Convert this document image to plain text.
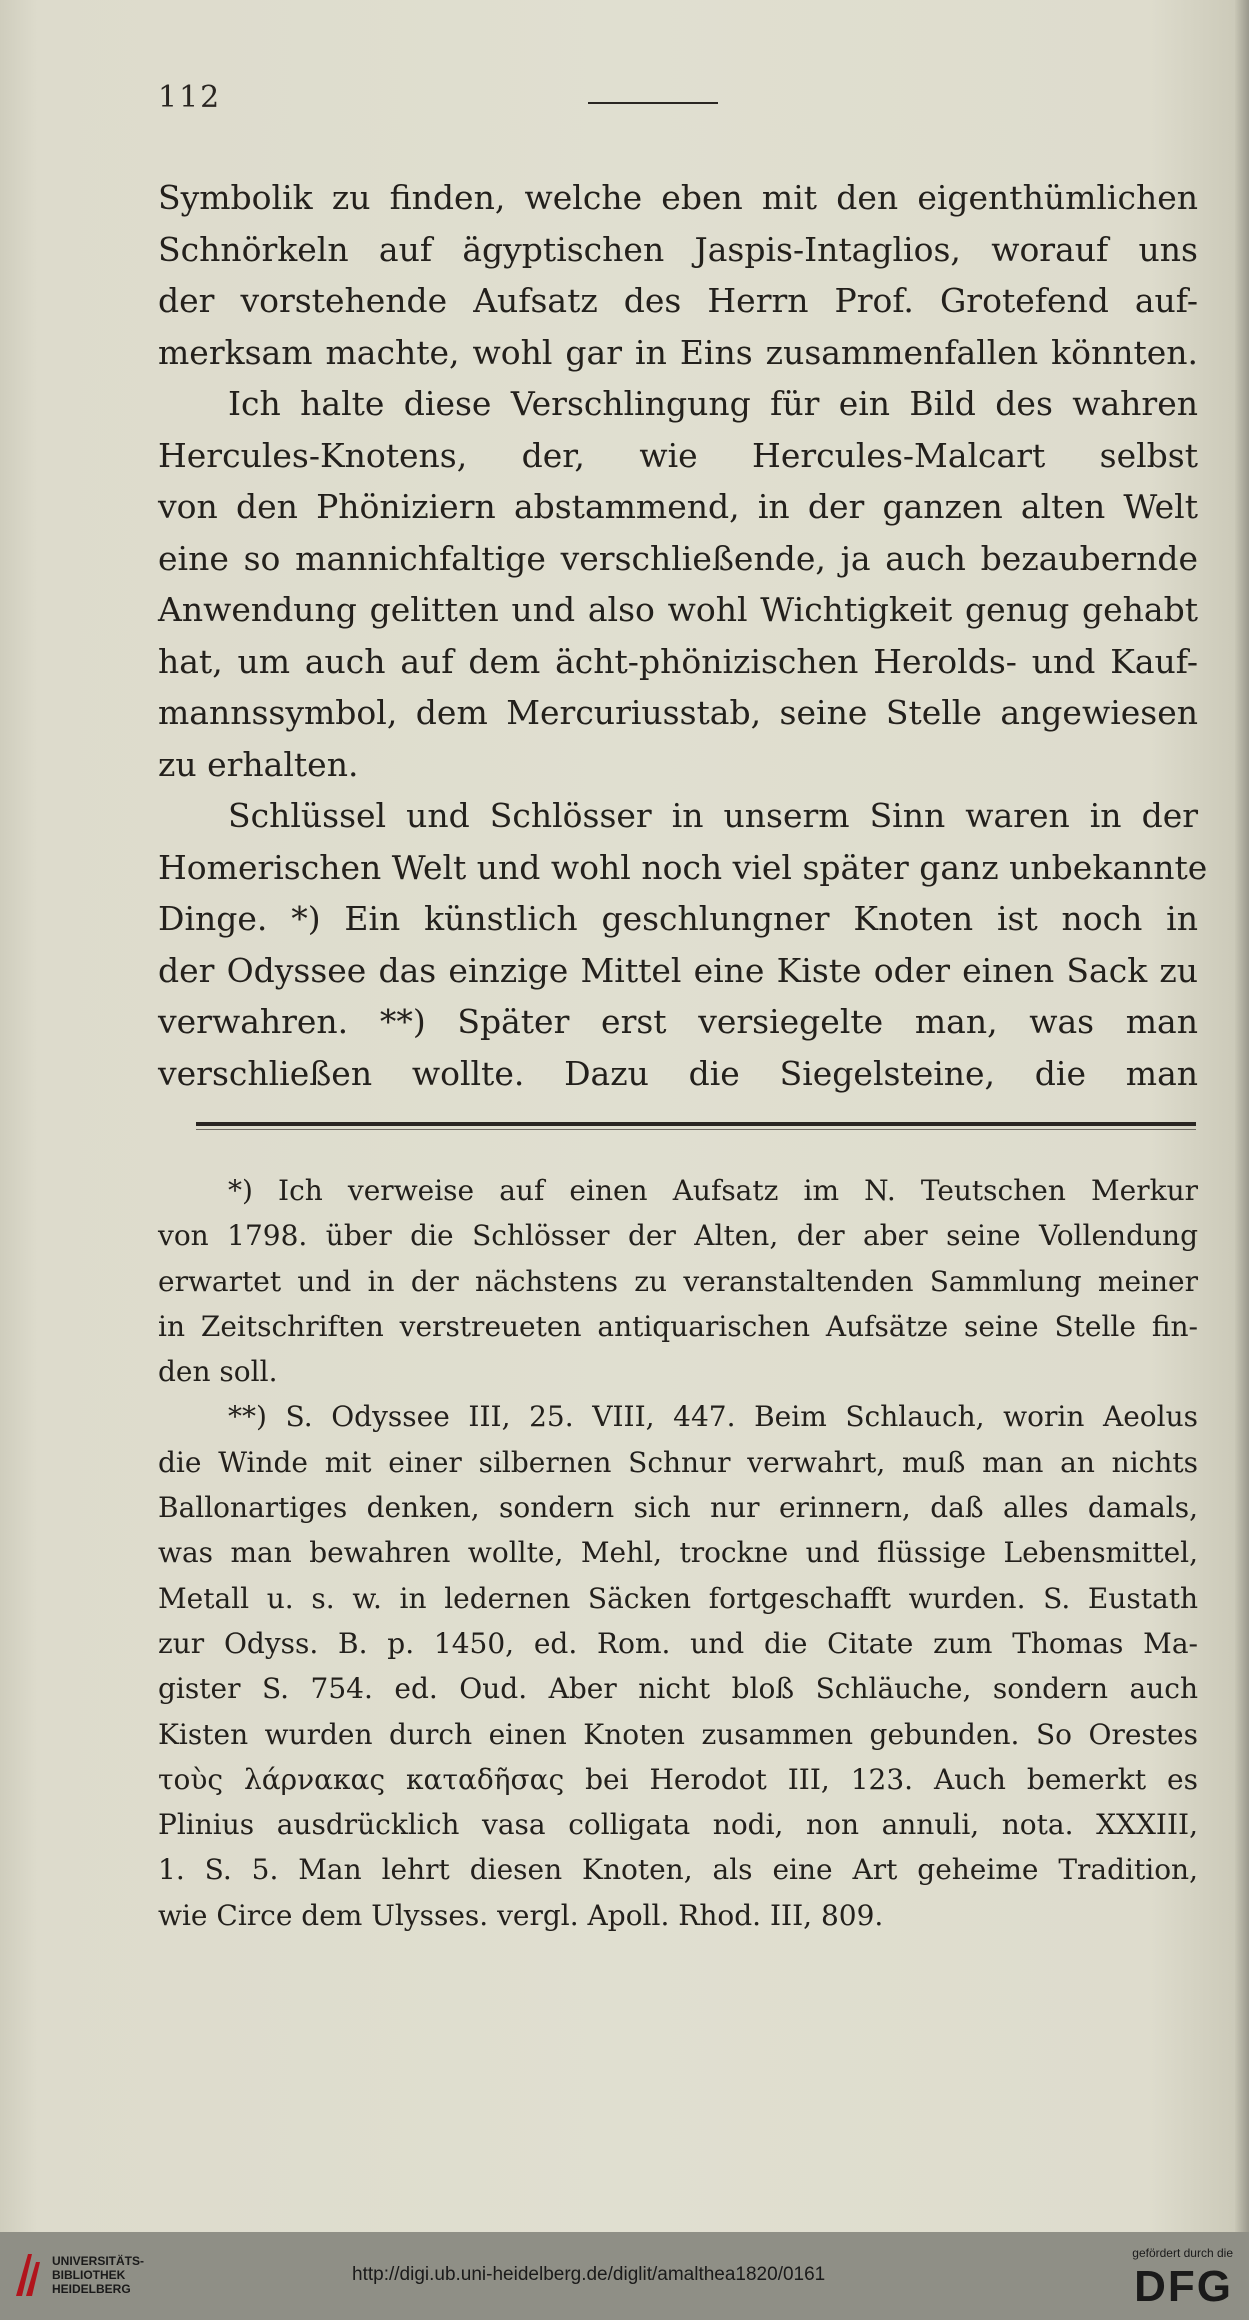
112
Symbolik zu finden, welche eben mit den eigenthümlichen
Schnörkeln auf ägyptischen Jaspis-Intaglios, worauf uns
der vorstehende Aufsatz des Herrn Prof. Grotefend auf-
merksam machte, wohl gar in Eins zusammenfallen könnten.
Ich halte diese Verschlingung für ein Bild des wahren
Hercules-Knotens, der, wie Hercules-Malcart selbst
von den Phöniziern abstammend, in der ganzen alten Welt
eine so mannichfaltige verschließende, ja auch bezaubernde
Anwendung gelitten und also wohl Wichtigkeit genug gehabt
hat, um auch auf dem ächt-phönizischen Herolds- und Kauf-
mannssymbol, dem Mercuriusstab, seine Stelle angewiesen
zu erhalten.
Schlüssel und Schlösser in unserm Sinn waren in der
Homerischen Welt und wohl noch viel später ganz unbekannte
Dinge. *) Ein künstlich geschlungner Knoten ist noch in
der Odyssee das einzige Mittel eine Kiste oder einen Sack zu
verwahren. **) Später erst versiegelte man, was man
verschließen wollte. Dazu die Siegelsteine, die man
*) Ich verweise auf einen Aufsatz im N. Teutschen Merkur
von 1798. über die Schlösser der Alten, der aber seine Vollendung
erwartet und in der nächstens zu veranstaltenden Sammlung meiner
in Zeitschriften verstreueten antiquarischen Aufsätze seine Stelle fin-
den soll.
**) S. Odyssee III, 25. VIII, 447. Beim Schlauch, worin Aeolus
die Winde mit einer silbernen Schnur verwahrt, muß man an nichts
Ballonartiges denken, sondern sich nur erinnern, daß alles damals,
was man bewahren wollte, Mehl, trockne und flüssige Lebensmittel,
Metall u. s. w. in ledernen Säcken fortgeschafft wurden. S. Eustath
zur Odyss. B. p. 1450, ed. Rom. und die Citate zum Thomas Ma-
gister S. 754. ed. Oud. Aber nicht bloß Schläuche, sondern auch
Kisten wurden durch einen Knoten zusammen gebunden. So Orestes
τοὺς λάρνακας καταδῆσας bei Herodot III, 123. Auch bemerkt es
Plinius ausdrücklich vasa colligata nodi, non annuli, nota. XXXIII,
1. S. 5. Man lehrt diesen Knoten, als eine Art geheime Tradition,
wie Circe dem Ulysses. vergl. Apoll. Rhod. III, 809.
UNIVERSITÄTS-
BIBLIOTHEK
HEIDELBERG
http://digi.ub.uni-heidelberg.de/diglit/amalthea1820/0161
gefördert durch die
DFG
